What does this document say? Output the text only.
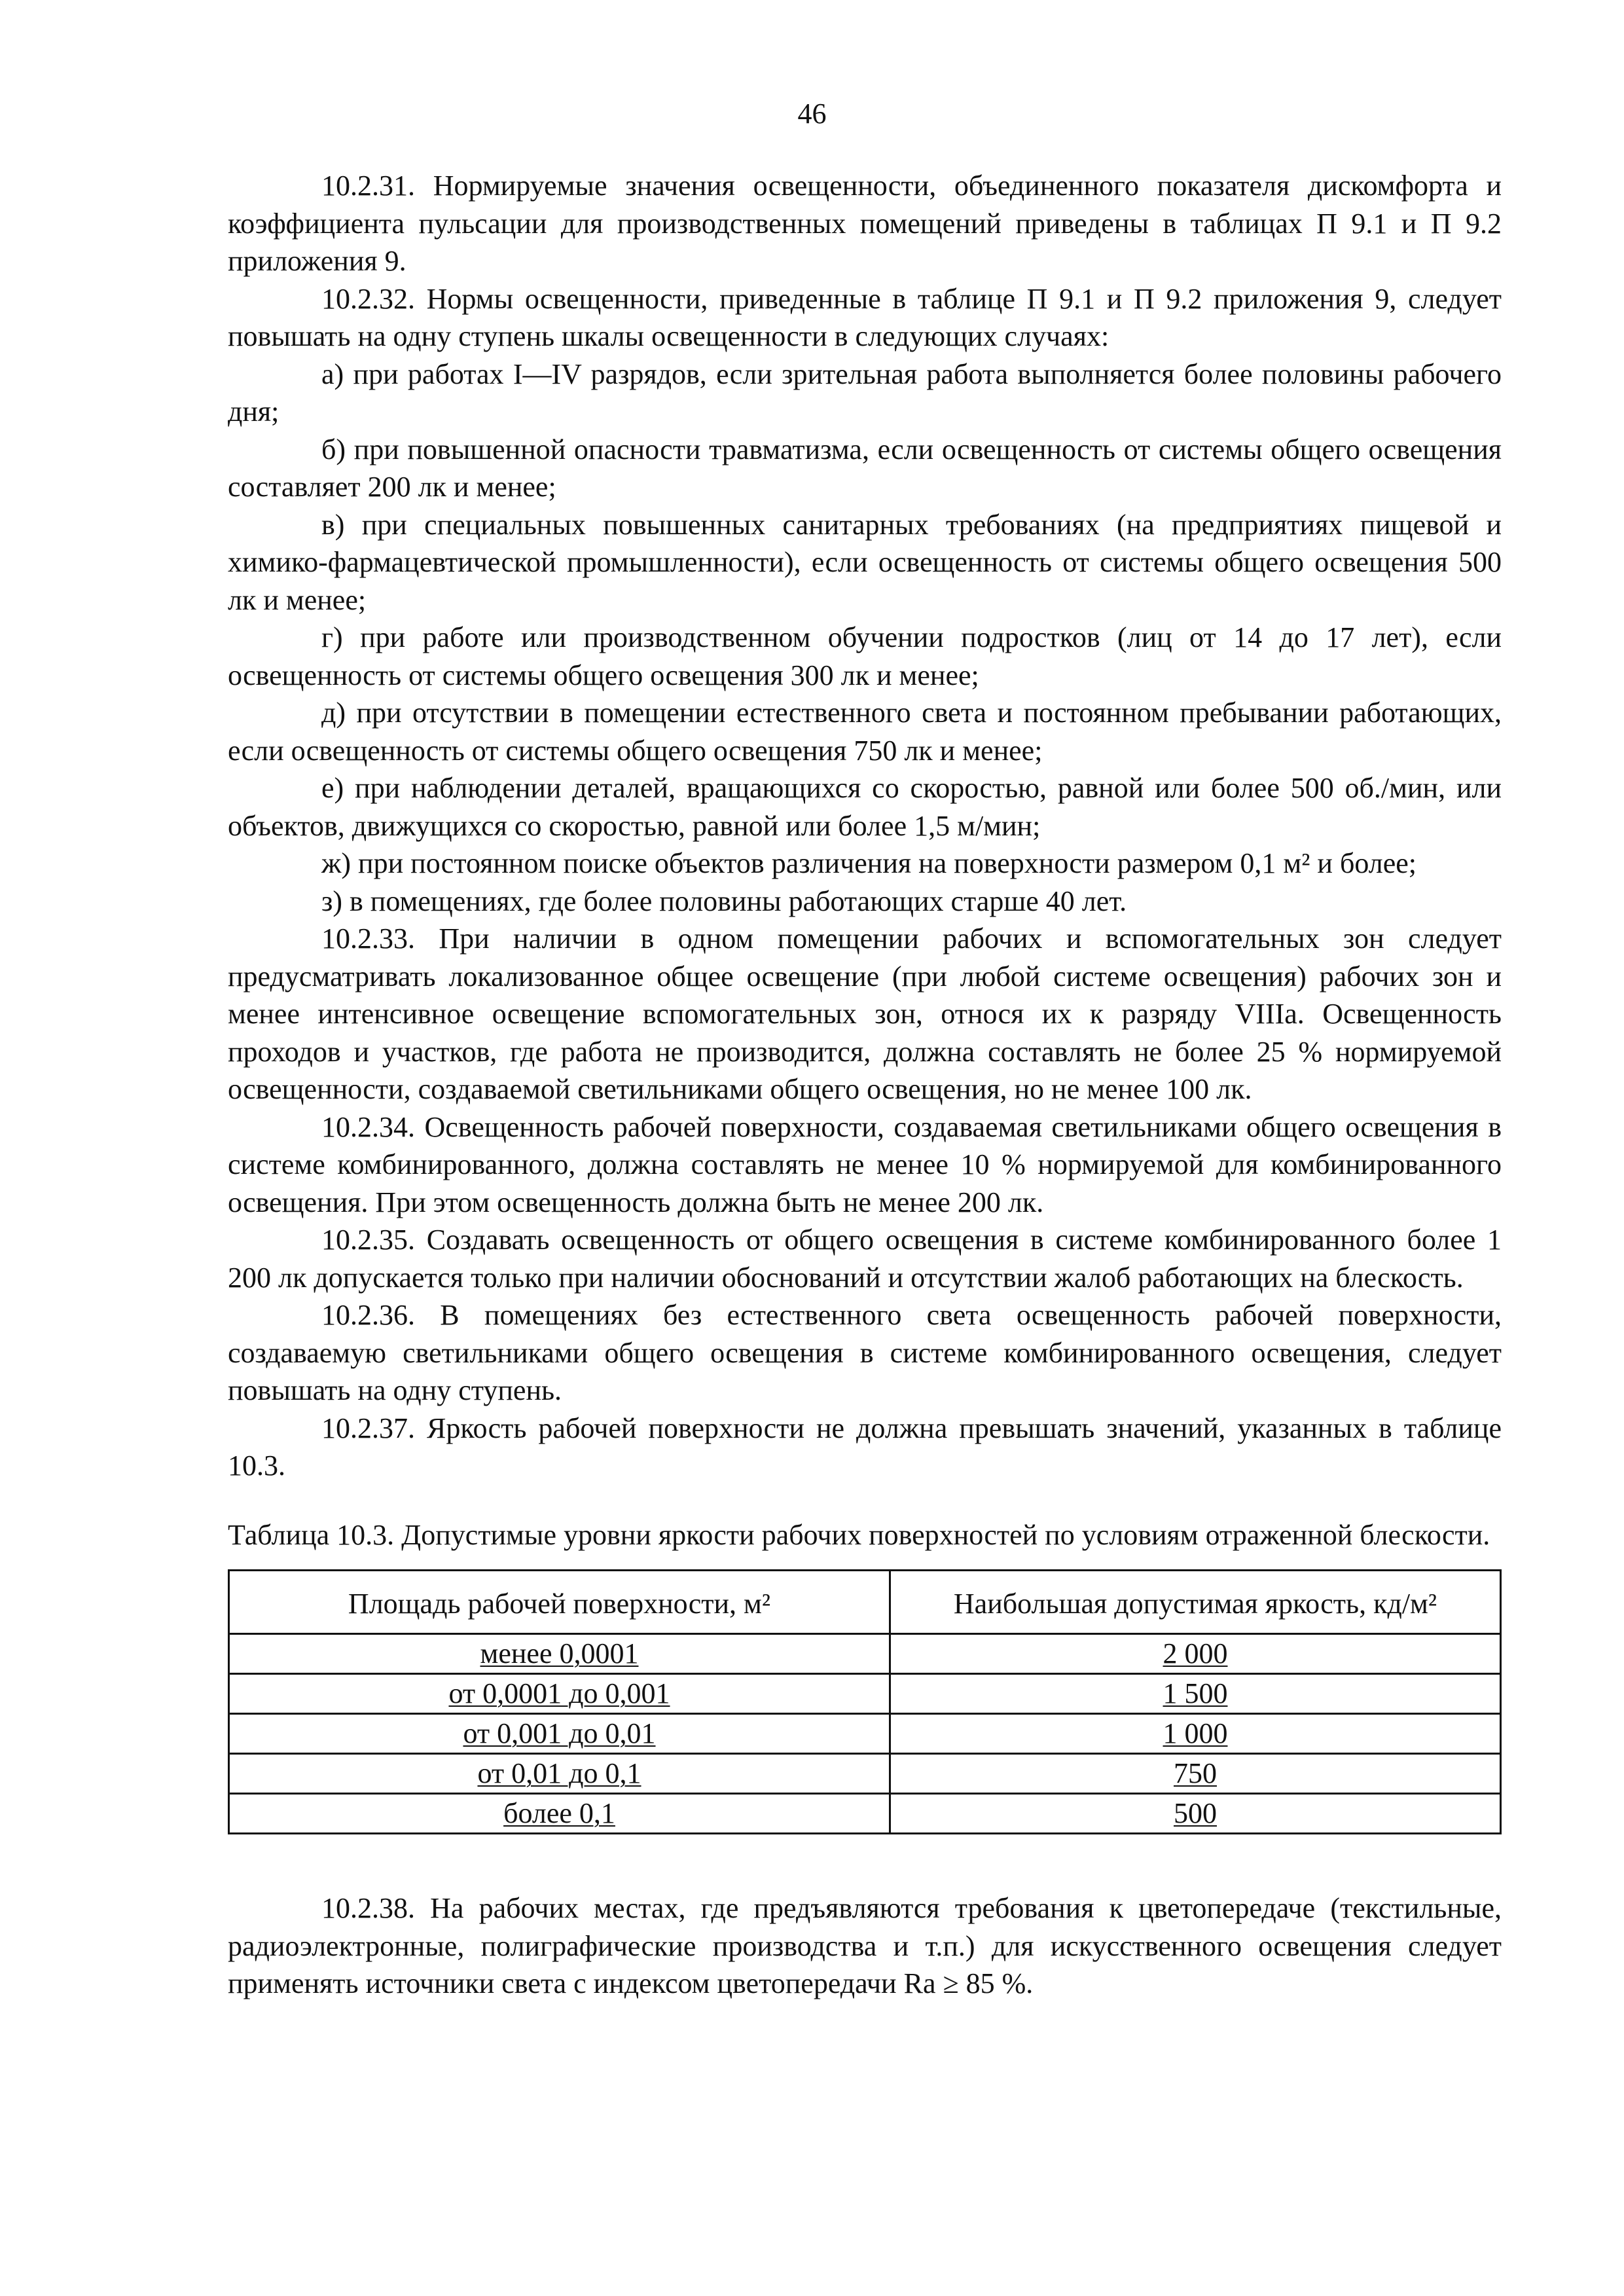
46

10.2.31. Нормируемые значения освещенности, объединенного показателя дискомфорта и коэффициента пульсации для производственных помещений приведены в таблицах П 9.1 и П 9.2 приложения 9.

10.2.32. Нормы освещенности, приведенные в таблице П 9.1 и П 9.2 приложения 9, следует повышать на одну ступень шкалы освещенности в следующих случаях:

а) при работах I—IV разрядов, если зрительная работа выполняется более половины рабочего дня;

б) при повышенной опасности травматизма, если освещенность от системы общего освещения составляет 200 лк и менее;

в) при специальных повышенных санитарных требованиях (на предприятиях пищевой и химико-фармацевтической промышленности), если освещенность от системы общего освещения 500 лк и менее;

г) при работе или производственном обучении подростков (лиц от 14 до 17 лет), если освещенность от системы общего освещения 300 лк и менее;

д) при отсутствии в помещении естественного света и постоянном пребывании работающих, если освещенность от системы общего освещения 750 лк и менее;

е) при наблюдении деталей, вращающихся со скоростью, равной или более 500 об./мин, или объектов, движущихся со скоростью, равной или более 1,5 м/мин;

ж) при постоянном поиске объектов различения на поверхности размером 0,1 м² и более;

з) в помещениях, где более половины работающих старше 40 лет.

10.2.33. При наличии в одном помещении рабочих и вспомогательных зон следует предусматривать локализованное общее освещение (при любой системе освещения) рабочих зон и менее интенсивное освещение вспомогательных зон, относя их к разряду VIIIа. Освещенность проходов и участков, где работа не производится, должна составлять не более 25 % нормируемой освещенности, создаваемой светильниками общего освещения, но не менее 100 лк.

10.2.34. Освещенность рабочей поверхности, создаваемая светильниками общего освещения в системе комбинированного, должна составлять не менее 10 % нормируемой для комбинированного освещения. При этом освещенность должна быть не менее 200 лк.

10.2.35. Создавать освещенность от общего освещения в системе комбинированного более 1 200 лк допускается только при наличии обоснований и отсутствии жалоб работающих на блескость.

10.2.36. В помещениях без естественного света освещенность рабочей поверхности, создаваемую светильниками общего освещения в системе комбинированного освещения, следует повышать на одну ступень.

10.2.37. Яркость рабочей поверхности не должна превышать значений, указанных в таблице 10.3.

Таблица 10.3. Допустимые уровни яркости рабочих поверхностей по условиям отраженной блескости.

Площадь рабочей поверхности, м²	Наибольшая допустимая яркость, кд/м²
менее 0,0001	2 000
от 0,0001 до 0,001	1 500
от 0,001 до 0,01	1 000
от 0,01 до 0,1	750
более 0,1	500

10.2.38. На рабочих местах, где предъявляются требования к цветопередаче (текстильные, радиоэлектронные, полиграфические производства и т.п.) для искусственного освещения следует применять источники света с индексом цветопередачи Rа ≥ 85 %.
